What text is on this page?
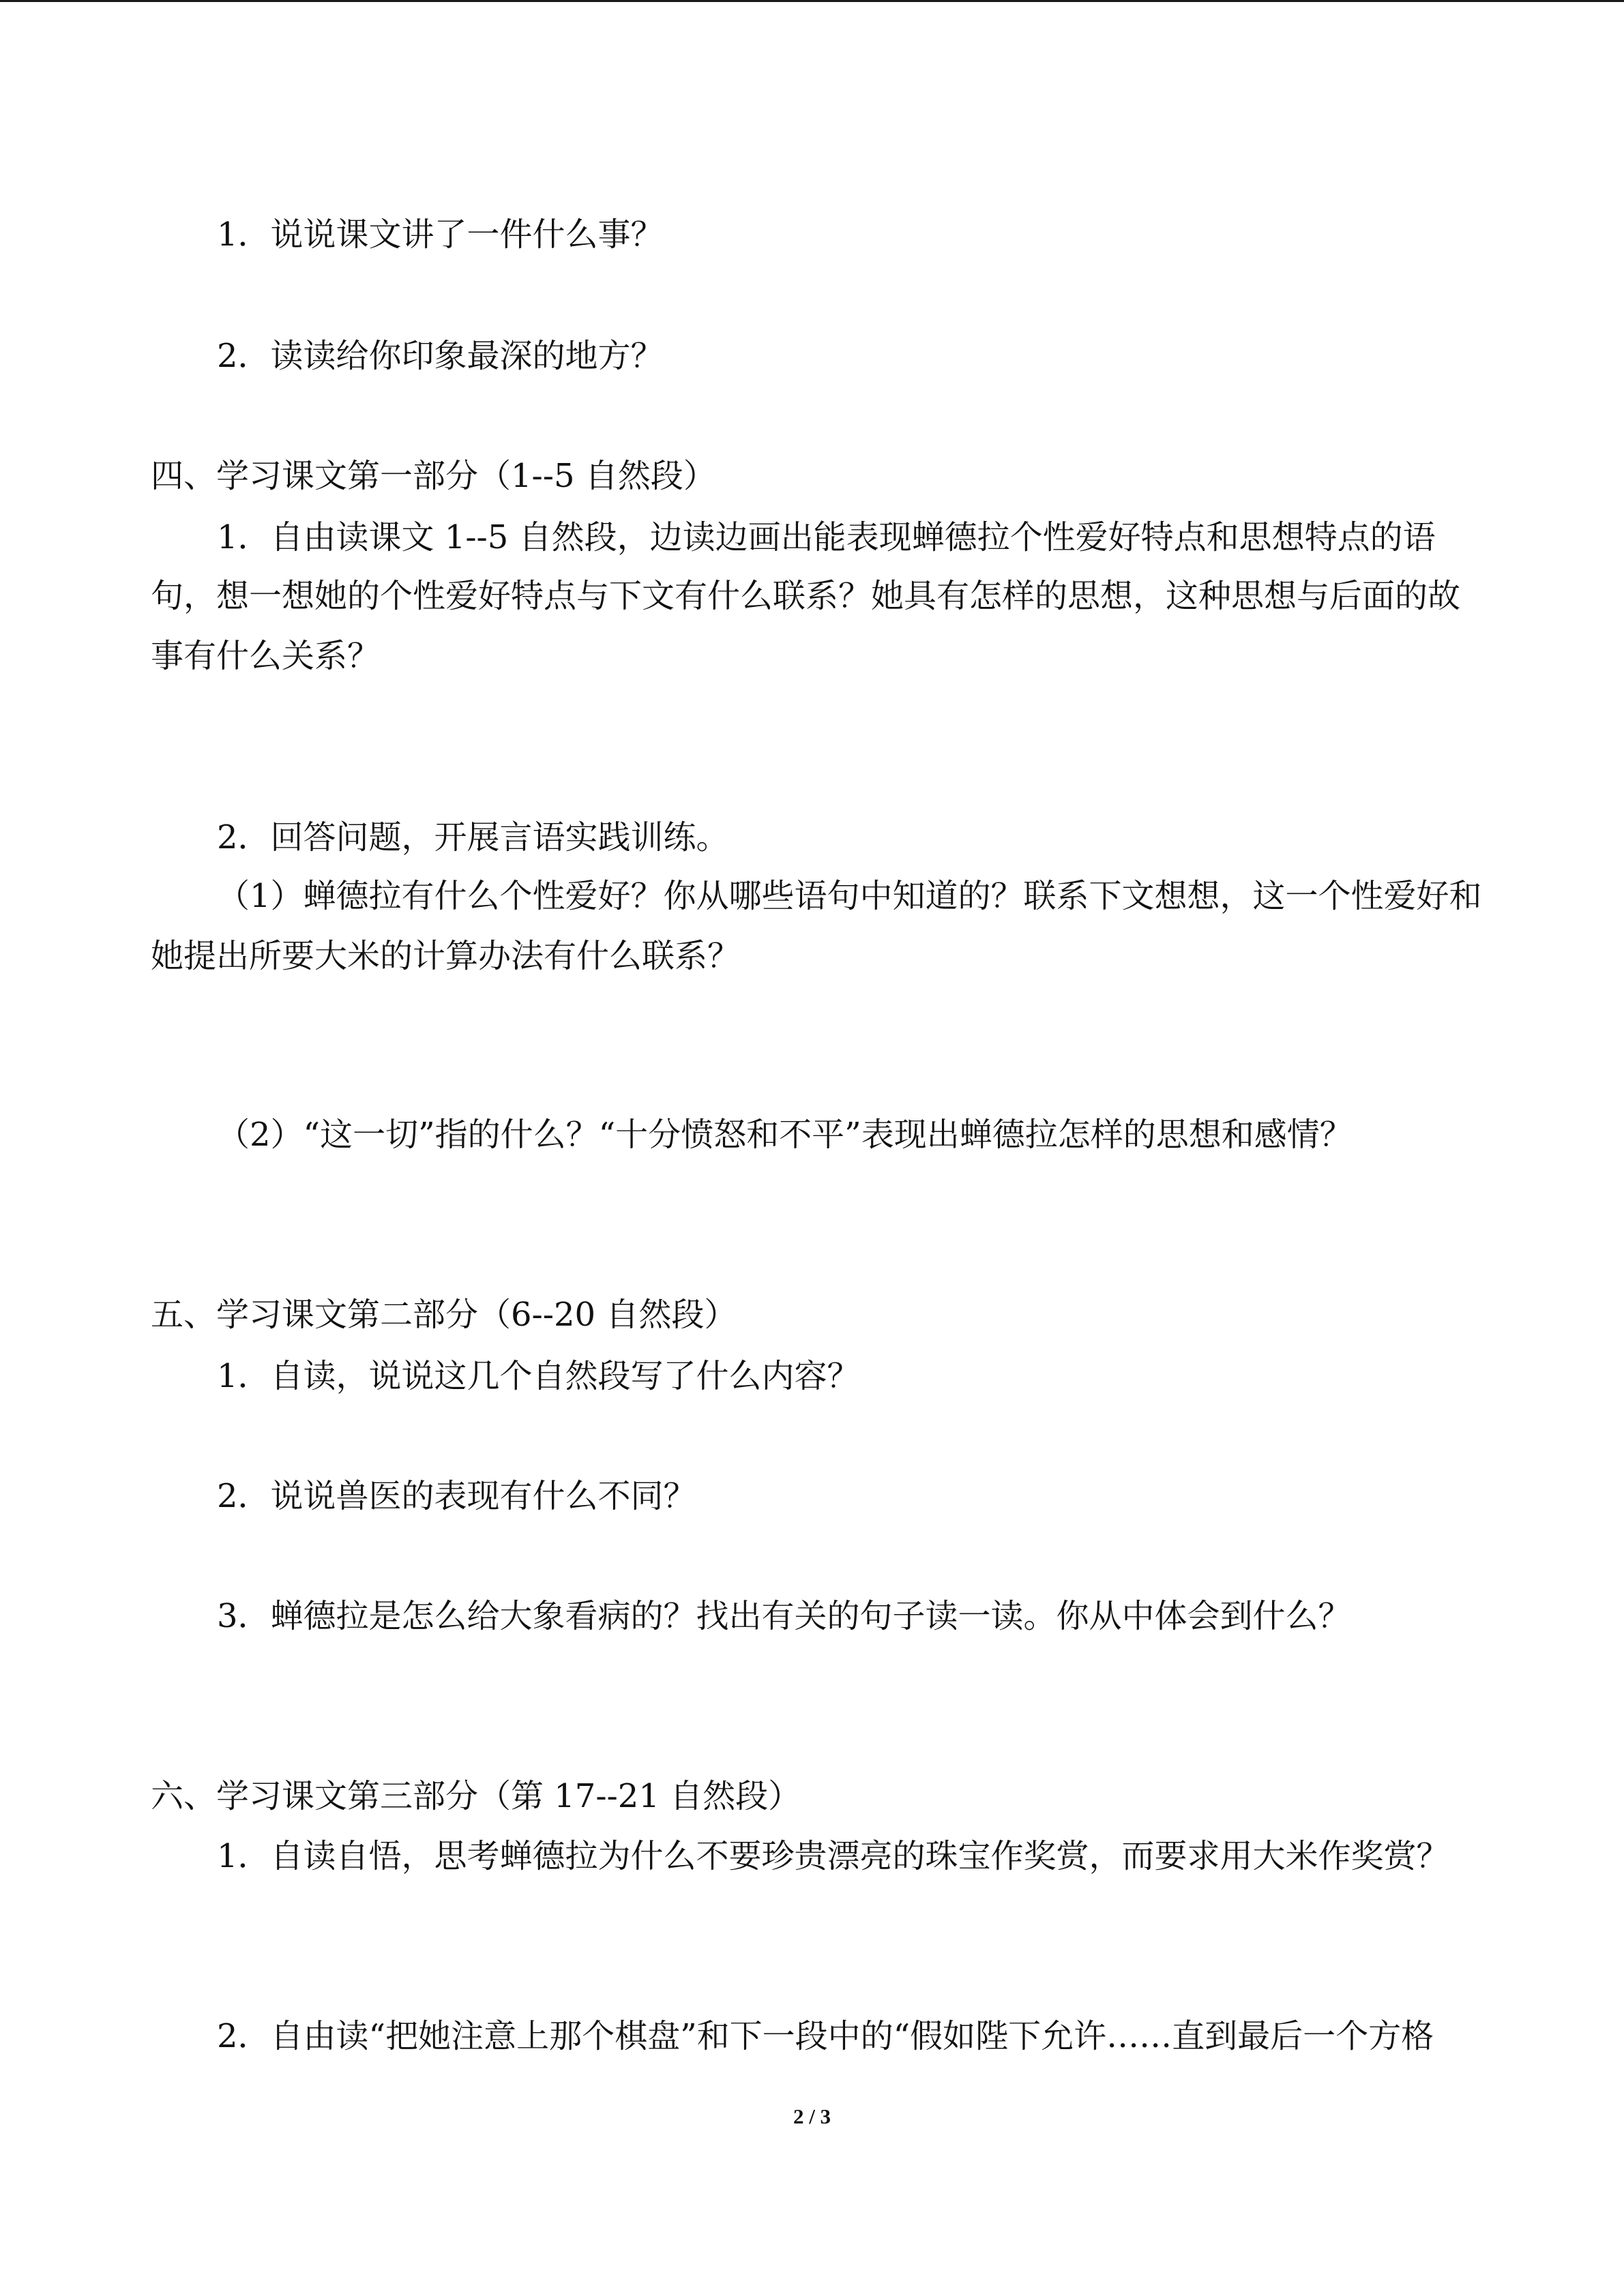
1．说说课文讲了一件什么事？
2．读读给你印象最深的地方？
四、学习课文第一部分（1--5 自然段）
1．自由读课文 1--5 自然段，边读边画出能表现蝉德拉个性爱好特点和思想特点的语
句，想一想她的个性爱好特点与下文有什么联系？她具有怎样的思想，这种思想与后面的故
事有什么关系？
2．回答问题，开展言语实践训练。
（1）蝉德拉有什么个性爱好？你从哪些语句中知道的？联系下文想想，这一个性爱好和
她提出所要大米的计算办法有什么联系？
（2）“这一切”指的什么？“十分愤怒和不平”表现出蝉德拉怎样的思想和感情？
五、学习课文第二部分（6--20 自然段）
1．自读，说说这几个自然段写了什么内容？
2．说说兽医的表现有什么不同？
3．蝉德拉是怎么给大象看病的？找出有关的句子读一读。你从中体会到什么？
六、学习课文第三部分（第 17--21 自然段）
1．自读自悟，思考蝉德拉为什么不要珍贵漂亮的珠宝作奖赏，而要求用大米作奖赏？
2．自由读“把她注意上那个棋盘”和下一段中的“假如陛下允许……直到最后一个方格
2 / 3
